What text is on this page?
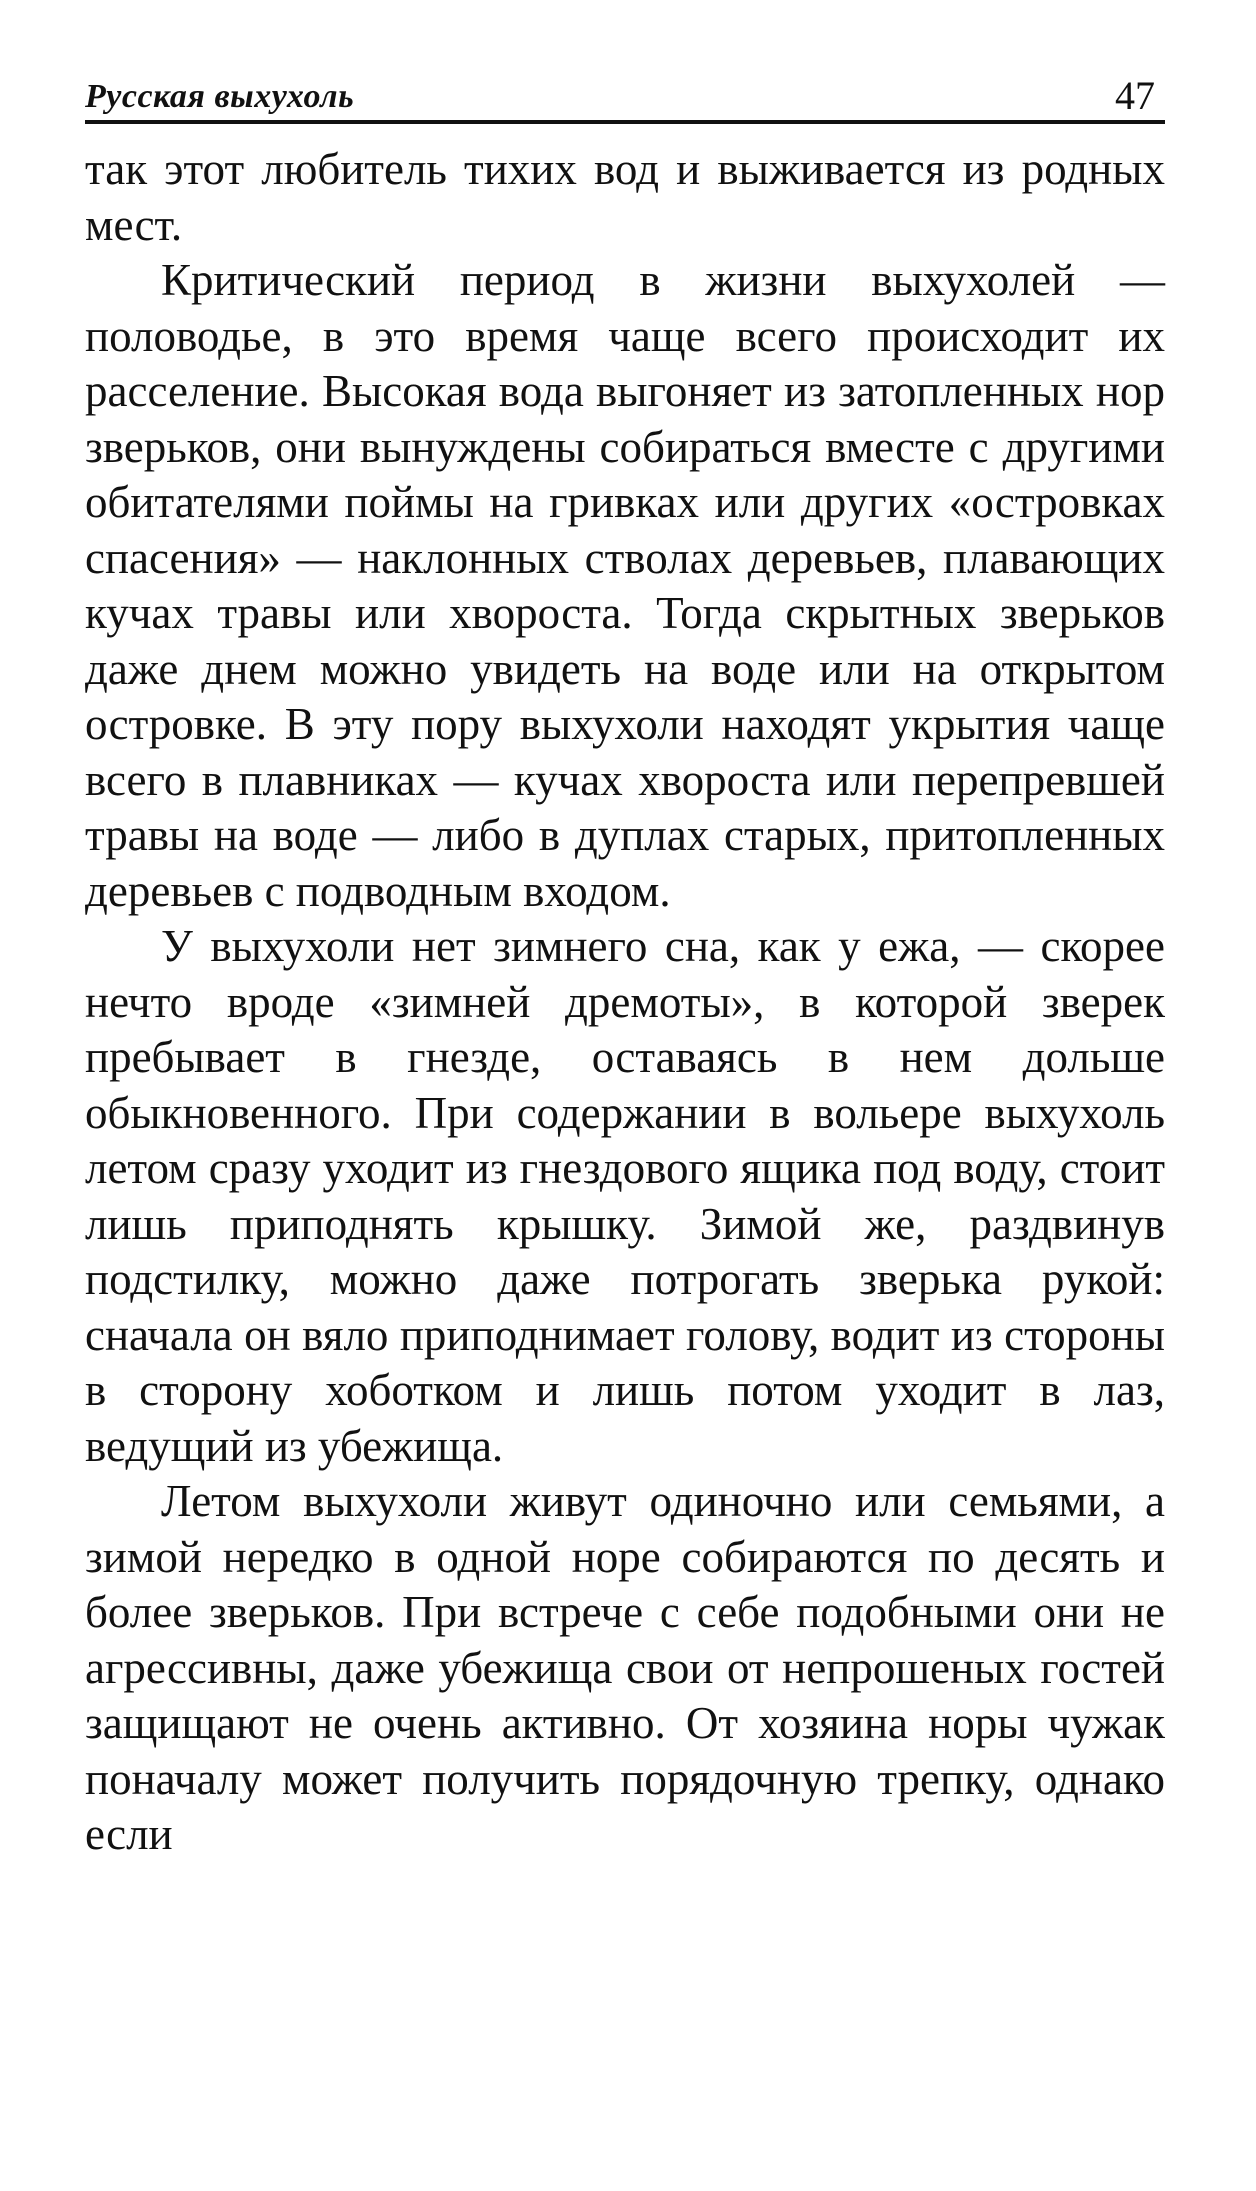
Русская выхухоль	47

так этот любитель тихих вод и выживается из родных мест.

Критический период в жизни выхухолей — половодье, в это время чаще всего происходит их расселение. Высокая вода выгоняет из затопленных нор зверьков, они вынуждены собираться вместе с другими обитателями поймы на гривках или других «островках спасения» — наклонных стволах деревьев, плавающих кучах травы или хвороста. Тогда скрытных зверьков даже днем можно увидеть на воде или на открытом островке. В эту пору выхухоли находят укрытия чаще всего в плавниках — кучах хвороста или перепревшей травы на воде — либо в дуплах старых, притопленных деревьев с подводным входом.

У выхухоли нет зимнего сна, как у ежа, — скорее нечто вроде «зимней дремоты», в которой зверек пребывает в гнезде, оставаясь в нем дольше обыкновенного. При содержании в вольере выхухоль летом сразу уходит из гнездового ящика под воду, стоит лишь приподнять крышку. Зимой же, раздвинув подстилку, можно даже потрогать зверька рукой: сначала он вяло приподнимает голову, водит из стороны в сторону хоботком и лишь потом уходит в лаз, ведущий из убежища.

Летом выхухоли живут одиночно или семьями, а зимой нередко в одной норе собираются по десять и более зверьков. При встрече с себе подобными они не агрессивны, даже убежища свои от непрошеных гостей защищают не очень активно. От хозяина норы чужак поначалу может получить порядочную трепку, однако если
